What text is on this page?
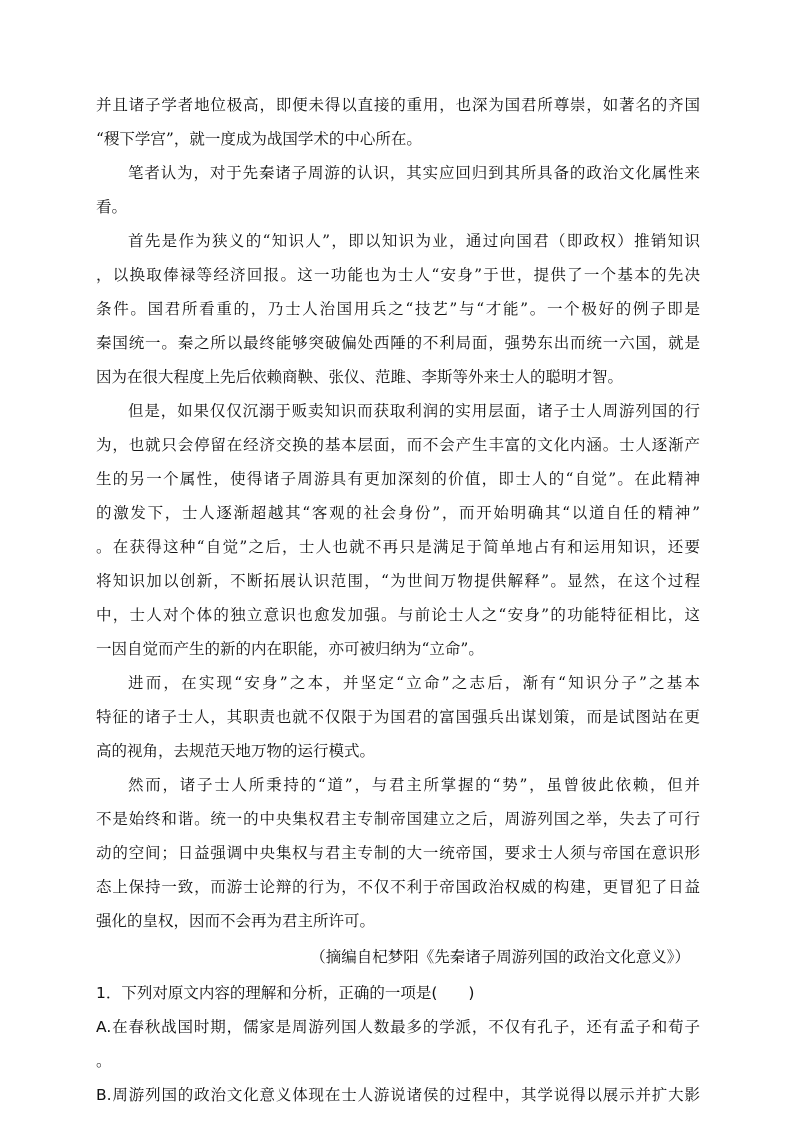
并且诸子学者地位极高，即便未得以直接的重用，也深为国君所尊崇，如著名的齐国
“稷下学宫”，就一度成为战国学术的中心所在。
笔者认为，对于先秦诸子周游的认识，其实应回归到其所具备的政治文化属性来
看。
首先是作为狭义的“知识人”，即以知识为业，通过向国君（即政权）推销知识
，以换取俸禄等经济回报。这一功能也为士人“安身”于世，提供了一个基本的先决
条件。国君所看重的，乃士人治国用兵之“技艺”与“才能”。一个极好的例子即是
秦国统一。秦之所以最终能够突破偏处西陲的不利局面，强势东出而统一六国，就是
因为在很大程度上先后依赖商鞅、张仪、范雎、李斯等外来士人的聪明才智。
但是，如果仅仅沉溺于贩卖知识而获取利润的实用层面，诸子士人周游列国的行
为，也就只会停留在经济交换的基本层面，而不会产生丰富的文化内涵。士人逐渐产
生的另一个属性，使得诸子周游具有更加深刻的价值，即士人的“自觉”。在此精神
的激发下，士人逐渐超越其“客观的社会身份”，而开始明确其“以道自任的精神”
。在获得这种“自觉”之后，士人也就不再只是满足于简单地占有和运用知识，还要
将知识加以创新，不断拓展认识范围，“为世间万物提供解释”。显然，在这个过程
中，士人对个体的独立意识也愈发加强。与前论士人之“安身”的功能特征相比，这
一因自觉而产生的新的内在职能，亦可被归纳为“立命”。
进而，在实现“安身”之本，并坚定“立命”之志后，渐有“知识分子”之基本
特征的诸子士人，其职责也就不仅限于为国君的富国强兵出谋划策，而是试图站在更
高的视角，去规范天地万物的运行模式。
然而，诸子士人所秉持的“道”，与君主所掌握的“势”，虽曾彼此依赖，但并
不是始终和谐。统一的中央集权君主专制帝国建立之后，周游列国之举，失去了可行
动的空间；日益强调中央集权与君主专制的大一统帝国，要求士人须与帝国在意识形
态上保持一致，而游士论辩的行为，不仅不利于帝国政治权威的构建，更冒犯了日益
强化的皇权，因而不会再为君主所许可。
（摘编自杞梦阳《先秦诸子周游列国的政治文化意义》）
1．下列对原文内容的理解和分析，正确的一项是(　　)
A.在春秋战国时期，儒家是周游列国人数最多的学派，不仅有孔子，还有孟子和荀子
。
B.周游列国的政治文化意义体现在士人游说诸侯的过程中，其学说得以展示并扩大影
